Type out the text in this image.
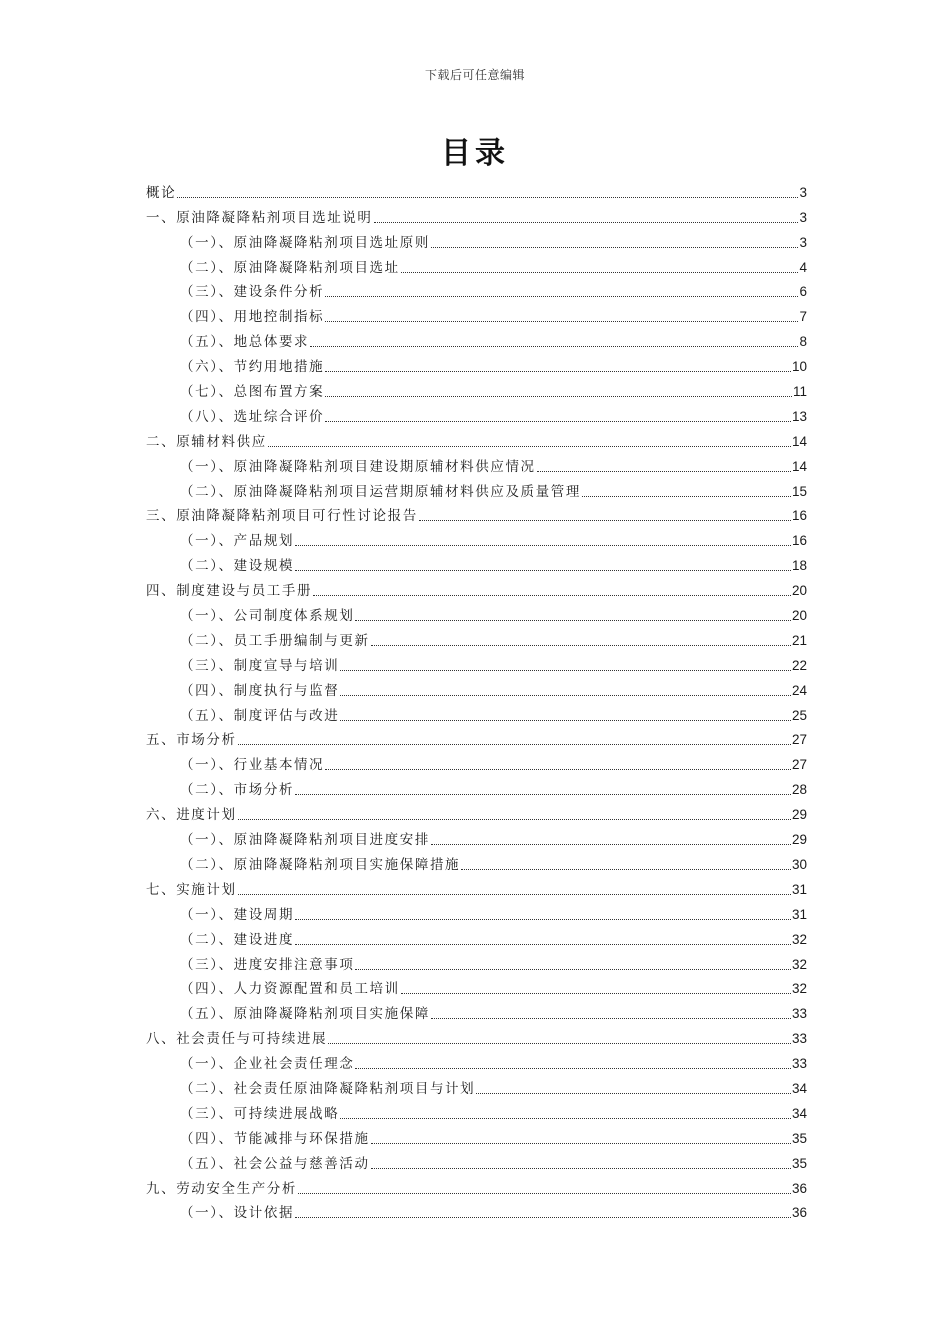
下载后可任意编辑
目录
概论	3
一、原油降凝降粘剂项目选址说明	3
（一）、原油降凝降粘剂项目选址原则	3
（二）、原油降凝降粘剂项目选址	4
（三）、建设条件分析	6
（四）、用地控制指标	7
（五）、地总体要求	8
（六）、节约用地措施	10
（七）、总图布置方案	11
（八）、选址综合评价	13
二、原辅材料供应	14
（一）、原油降凝降粘剂项目建设期原辅材料供应情况	14
（二）、原油降凝降粘剂项目运营期原辅材料供应及质量管理	15
三、原油降凝降粘剂项目可行性讨论报告	16
（一）、产品规划	16
（二）、建设规模	18
四、制度建设与员工手册	20
（一）、公司制度体系规划	20
（二）、员工手册编制与更新	21
（三）、制度宣导与培训	22
（四）、制度执行与监督	24
（五）、制度评估与改进	25
五、市场分析	27
（一）、行业基本情况	27
（二）、市场分析	28
六、进度计划	29
（一）、原油降凝降粘剂项目进度安排	29
（二）、原油降凝降粘剂项目实施保障措施	30
七、实施计划	31
（一）、建设周期	31
（二）、建设进度	32
（三）、进度安排注意事项	32
（四）、人力资源配置和员工培训	32
（五）、原油降凝降粘剂项目实施保障	33
八、社会责任与可持续进展	33
（一）、企业社会责任理念	33
（二）、社会责任原油降凝降粘剂项目与计划	34
（三）、可持续进展战略	34
（四）、节能减排与环保措施	35
（五）、社会公益与慈善活动	35
九、劳动安全生产分析	36
（一）、设计依据	36
